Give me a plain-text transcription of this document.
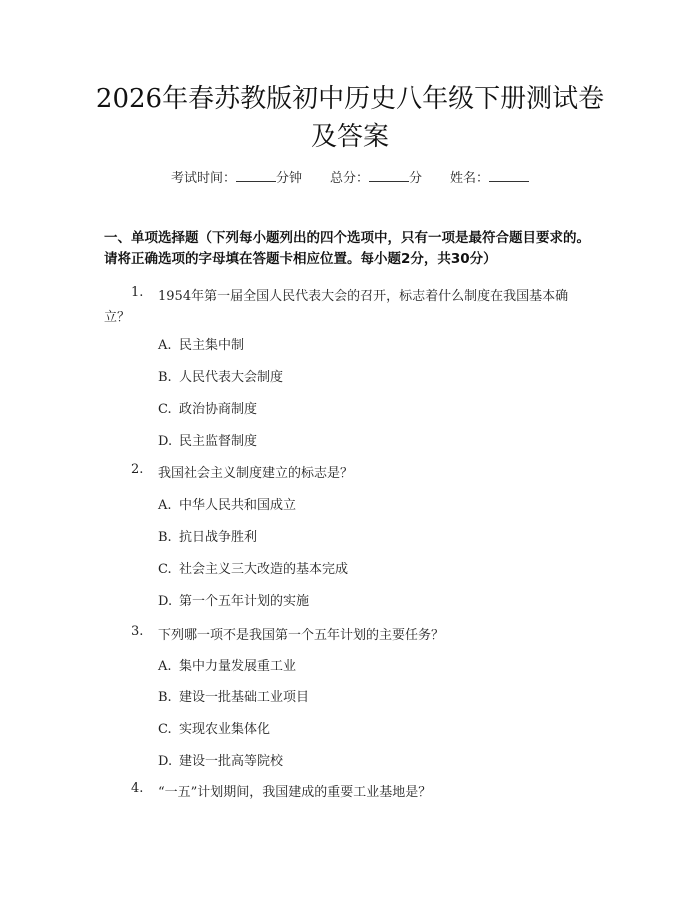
2026年春苏教版初中历史八年级下册测试卷
及答案
考试时间：	分钟 总分：	分 姓名：
一、单项选择题（下列每小题列出的四个选项中，只有一项是最符合题目要求的。请将正确选项的字母填在答题卡相应位置。每小题2分，共30分）
1.	1954年第一届全国人民代表大会的召开，标志着什么制度在我国基本确
立？
A. 民主集中制
B. 人民代表大会制度
C. 政治协商制度
D. 民主监督制度
2.	我国社会主义制度建立的标志是？
A. 中华人民共和国成立
B. 抗日战争胜利
C. 社会主义三大改造的基本完成
D. 第一个五年计划的实施
3.	下列哪一项不是我国第一个五年计划的主要任务？
A. 集中力量发展重工业
B. 建设一批基础工业项目
C. 实现农业集体化
D. 建设一批高等院校
4.	“一五”计划期间，我国建成的重要工业基地是？
